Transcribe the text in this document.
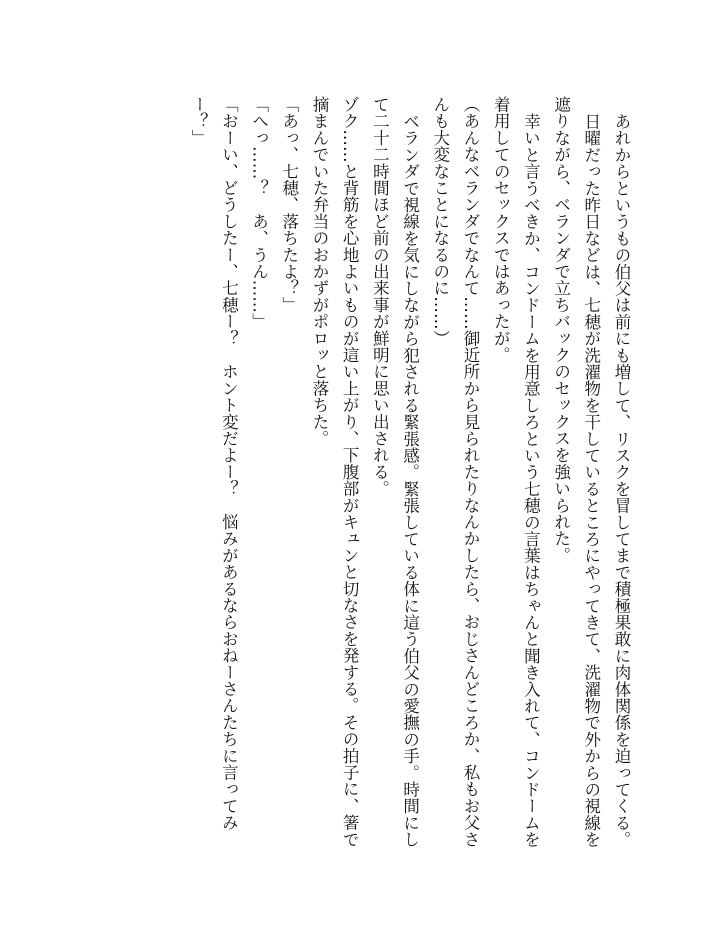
あれからというもの伯父は前にも増して、リスクを冒してまで積極果敢に肉体関係を迫ってくる。

日曜だった昨日などは、七穂が洗濯物を干しているところにやってきて、洗濯物で外からの視線を遮りながら、ベランダで立ちバックのセックスを強いられた。

幸いと言うべきか、コンドームを用意しろという七穂の言葉はちゃんと聞き入れて、コンドームを着用してのセックスではあったが。

（あんなベランダでなんて……御近所から見られたりなんかしたら、おじさんどころか、私もお父さんも大変なことになるのに……）

ベランダで視線を気にしながら犯される緊張感。緊張している体に這う伯父の愛撫の手。時間にして二十二時間ほど前の出来事が鮮明に思い出される。

ゾク……と背筋を心地よいものが這い上がり、下腹部がキュンと切なさを発する。その拍子に、箸で摘まんでいた弁当のおかずがポロッと落ちた。

「あっ、七穂、落ちたよ？」

「へっ……？　あ、うん……」

「おーい、どうしたー、七穂ー？　ホント変だよー？　悩みがあるならおねーさんたちに言ってみー？」
